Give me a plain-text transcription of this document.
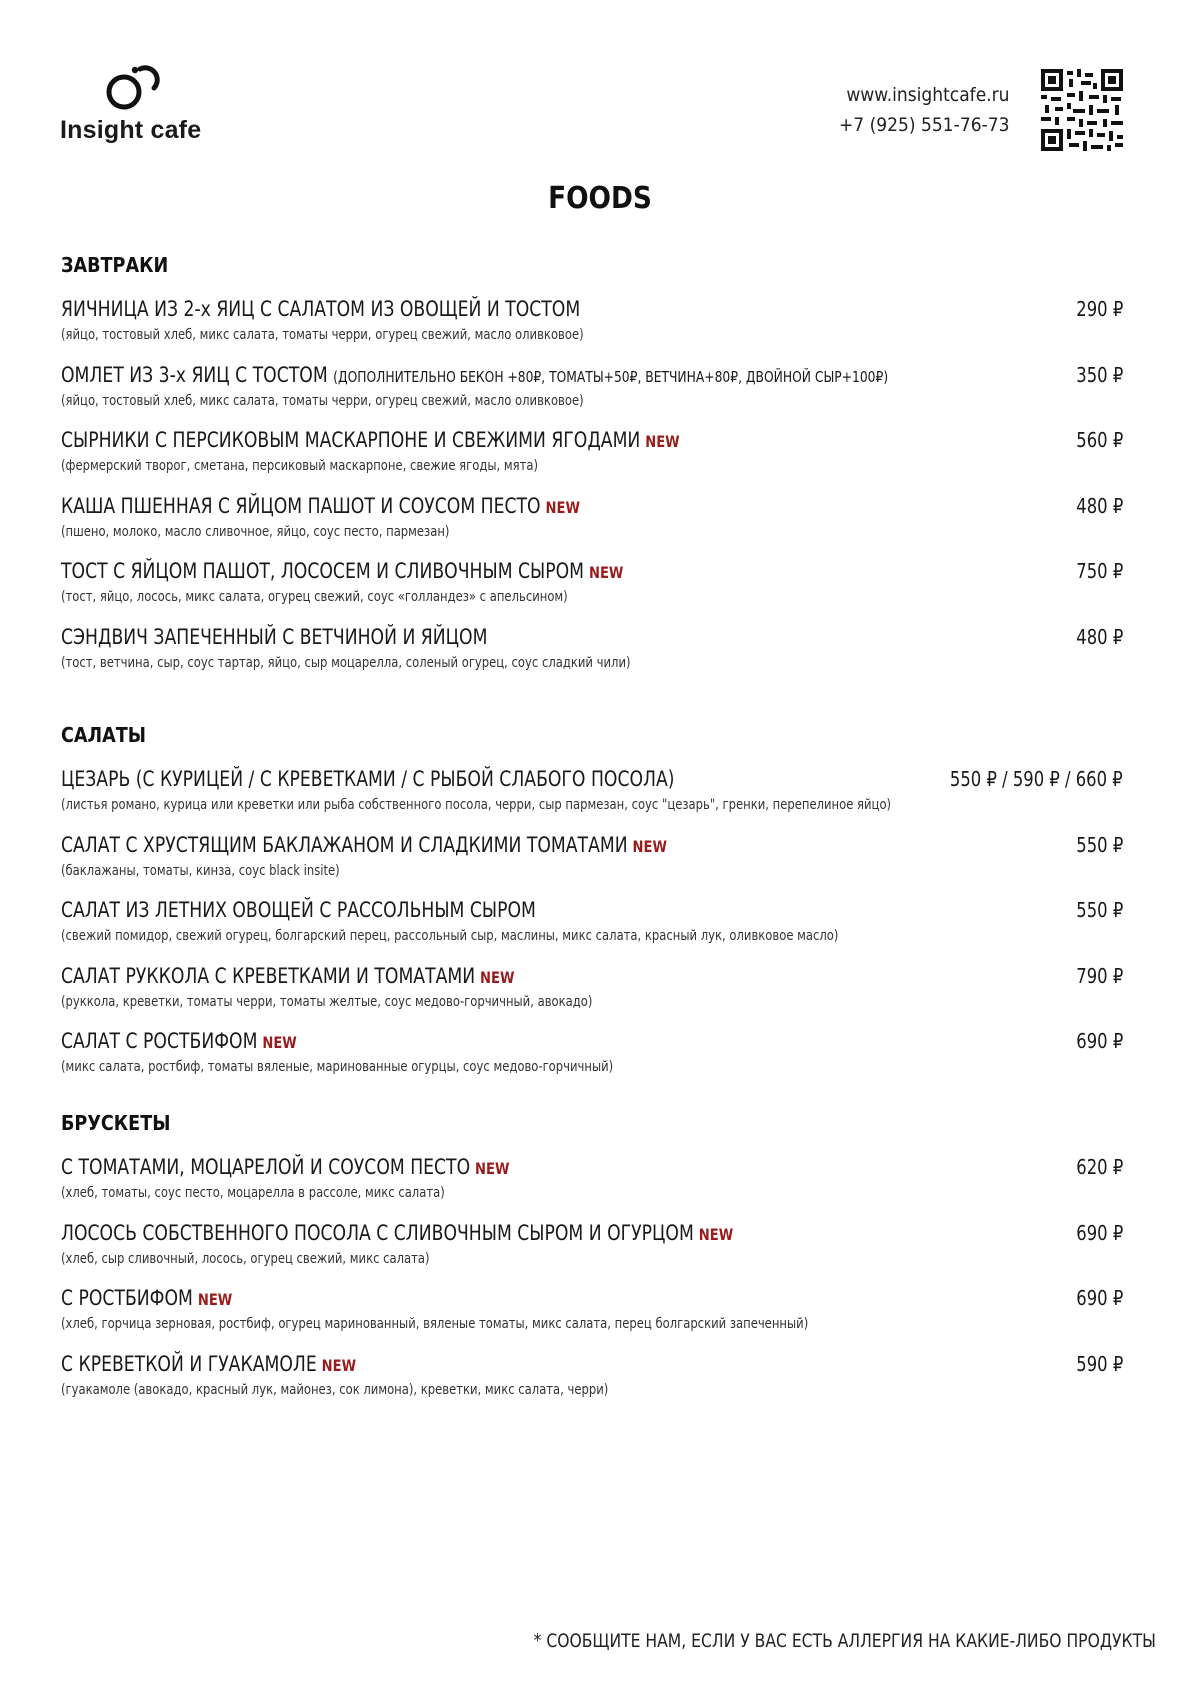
Insight cafe
www.insightcafe.ru
+7 (925) 551-76-73
FOODS
ЗАВТРАКИ
ЯИЧНИЦА ИЗ 2-х ЯИЦ С САЛАТОМ ИЗ ОВОЩЕЙ И ТОСТОМ
(яйцо, тостовый хлеб, микс салата, томаты черри, огурец свежий, масло оливковое)
290 ₽
ОМЛЕТ ИЗ 3-х ЯИЦ С ТОСТОМ (ДОПОЛНИТЕЛЬНО БЕКОН +80₽, ТОМАТЫ+50₽, ВЕТЧИНА+80₽, ДВОЙНОЙ СЫР+100₽)
(яйцо, тостовый хлеб, микс салата, томаты черри, огурец свежий, масло оливковое)
350 ₽
СЫРНИКИ С ПЕРСИКОВЫМ МАСКАРПОНЕ И СВЕЖИМИ ЯГОДАМИ NEW
(фермерский творог, сметана, персиковый маскарпоне, свежие ягоды, мята)
560 ₽
КАША ПШЕННАЯ С ЯЙЦОМ ПАШОТ И СОУСОМ ПЕСТО NEW
(пшено, молоко, масло сливочное, яйцо, соус песто, пармезан)
480 ₽
ТОСТ С ЯЙЦОМ ПАШОТ, ЛОСОСЕМ И СЛИВОЧНЫМ СЫРОМ NEW
(тост, яйцо, лосось, микс салата, огурец свежий, соус «голландез» с апельсином)
750 ₽
СЭНДВИЧ ЗАПЕЧЕННЫЙ С ВЕТЧИНОЙ И ЯЙЦОМ
(тост, ветчина, сыр, соус тартар, яйцо, сыр моцарелла, соленый огурец, соус сладкий чили)
480 ₽
САЛАТЫ
ЦЕЗАРЬ (С КУРИЦЕЙ / С КРЕВЕТКАМИ / С РЫБОЙ СЛАБОГО ПОСОЛА)
(листья романо, курица или креветки или рыба собственного посола, черри, сыр пармезан, соус "цезарь", гренки, перепелиное яйцо)
550 ₽ / 590 ₽ / 660 ₽
САЛАТ С ХРУСТЯЩИМ БАКЛАЖАНОМ И СЛАДКИМИ ТОМАТАМИ NEW
(баклажаны, томаты, кинза, соус black insite)
550 ₽
САЛАТ ИЗ ЛЕТНИХ ОВОЩЕЙ С РАССОЛЬНЫМ СЫРОМ
(свежий помидор, свежий огурец, болгарский перец, рассольный сыр, маслины, микс салата, красный лук, оливковое масло)
550 ₽
САЛАТ РУККОЛА С КРЕВЕТКАМИ И ТОМАТАМИ NEW
(руккола, креветки, томаты черри, томаты желтые, соус медово-горчичный, авокадо)
790 ₽
САЛАТ С РОСТБИФОМ NEW
(микс салата, ростбиф, томаты вяленые, маринованные огурцы, соус медово-горчичный)
690 ₽
БРУСКЕТЫ
С ТОМАТАМИ, МОЦАРЕЛОЙ И СОУСОМ ПЕСТО NEW
(хлеб, томаты, соус песто, моцарелла в рассоле, микс салата)
620 ₽
ЛОСОСЬ СОБСТВЕННОГО ПОСОЛА С СЛИВОЧНЫМ СЫРОМ И ОГУРЦОМ NEW
(хлеб, сыр сливочный, лосось, огурец свежий, микс салата)
690 ₽
С РОСТБИФОМ NEW
(хлеб, горчица зерновая, ростбиф, огурец маринованный, вяленые томаты, микс салата, перец болгарский запеченный)
690 ₽
С КРЕВЕТКОЙ И ГУАКАМОЛЕ NEW
(гуакамоле (авокадо, красный лук, майонез, сок лимона), креветки, микс салата, черри)
590 ₽
* СООБЩИТЕ НАМ, ЕСЛИ У ВАС ЕСТЬ АЛЛЕРГИЯ НА КАКИЕ-ЛИБО ПРОДУКТЫ
